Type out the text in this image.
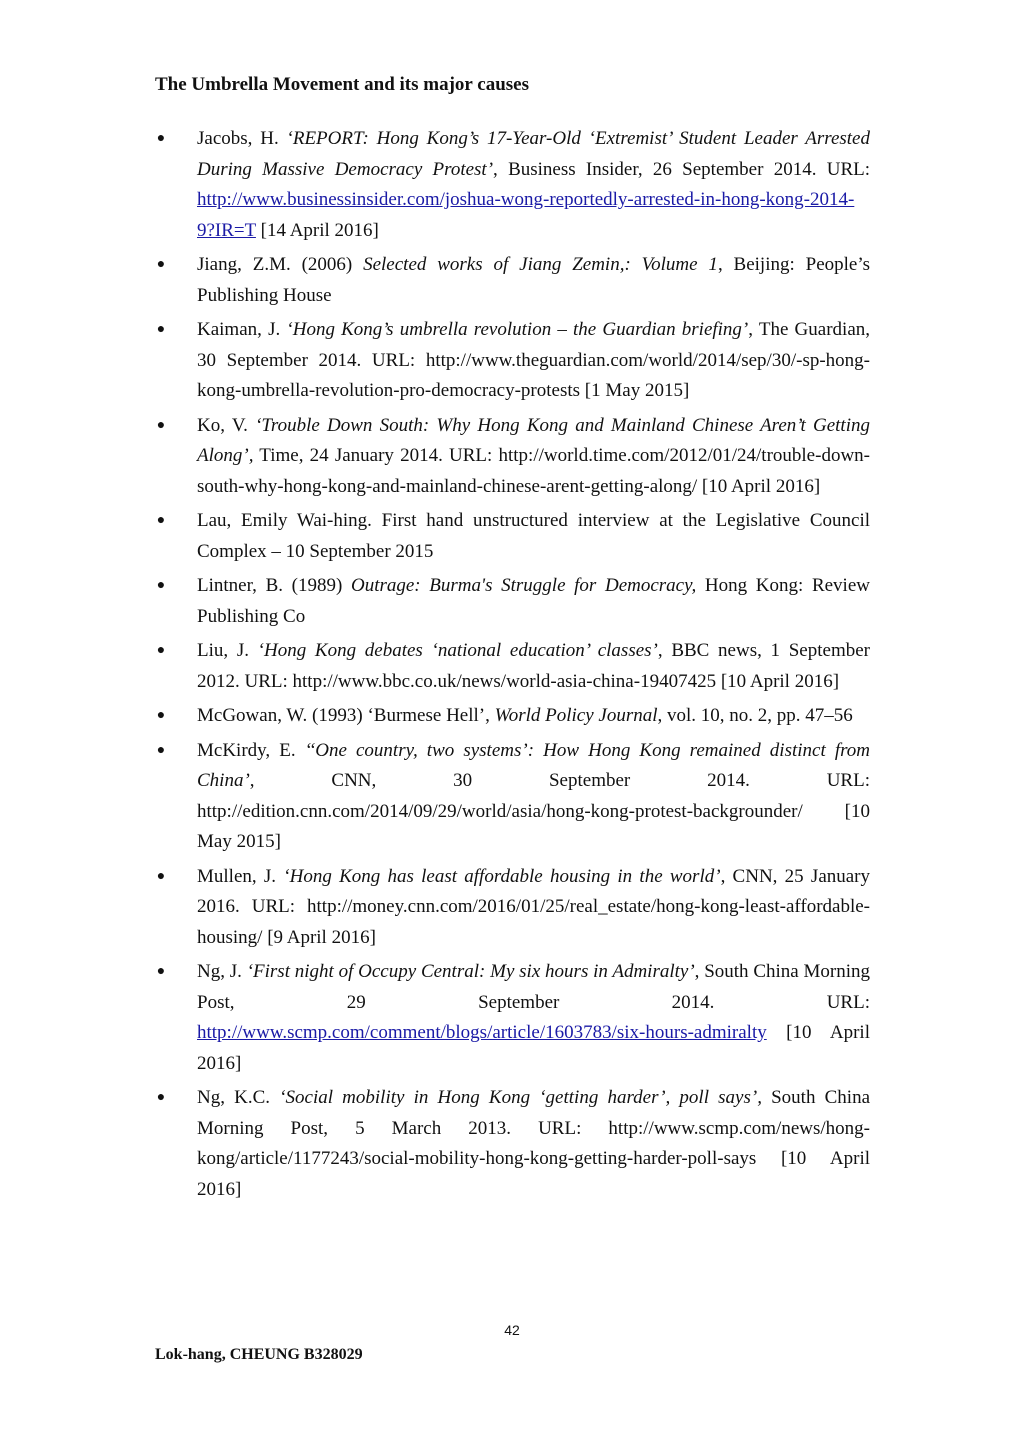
The Umbrella Movement and its major causes
● Jacobs, H. ‘REPORT: Hong Kong’s 17-Year-Old ‘Extremist’ Student Leader Arrested During Massive Democracy Protest’, Business Insider, 26 September 2014. URL: http://www.businessinsider.com/joshua-wong-reportedly-arrested-in-hong-kong-2014-9?IR=T [14 April 2016]
● Jiang, Z.M. (2006) Selected works of Jiang Zemin,: Volume 1, Beijing: People’s Publishing House
● Kaiman, J. ‘Hong Kong’s umbrella revolution – the Guardian briefing’, The Guardian, 30 September 2014. URL: http://www.theguardian.com/world/2014/sep/30/-sp-hong-kong-umbrella-revolution-pro-democracy-protests [1 May 2015]
● Ko, V. ‘Trouble Down South: Why Hong Kong and Mainland Chinese Aren’t Getting Along’, Time, 24 January 2014. URL: http://world.time.com/2012/01/24/trouble-down-south-why-hong-kong-and-mainland-chinese-arent-getting-along/ [10 April 2016]
● Lau, Emily Wai-hing. First hand unstructured interview at the Legislative Council Complex – 10 September 2015
● Lintner, B. (1989) Outrage: Burma's Struggle for Democracy, Hong Kong: Review Publishing Co
● Liu, J. ‘Hong Kong debates ‘national education’ classes’, BBC news, 1 September 2012. URL: http://www.bbc.co.uk/news/world-asia-china-19407425 [10 April 2016]
● McGowan, W. (1993) ‘Burmese Hell’, World Policy Journal, vol. 10, no. 2, pp. 47–56
● McKirdy, E. ‘‘One country, two systems’: How Hong Kong remained distinct from China’, CNN, 30 September 2014. URL: http://edition.cnn.com/2014/09/29/world/asia/hong-kong-protest-backgrounder/ [10 May 2015]
● Mullen, J. ‘Hong Kong has least affordable housing in the world’, CNN, 25 January 2016. URL: http://money.cnn.com/2016/01/25/real_estate/hong-kong-least-affordable-housing/ [9 April 2016]
● Ng, J. ‘First night of Occupy Central: My six hours in Admiralty’, South China Morning Post, 29 September 2014. URL: http://www.scmp.com/comment/blogs/article/1603783/six-hours-admiralty [10 April 2016]
● Ng, K.C. ‘Social mobility in Hong Kong ‘getting harder’, poll says’, South China Morning Post, 5 March 2013. URL: http://www.scmp.com/news/hong-kong/article/1177243/social-mobility-hong-kong-getting-harder-poll-says [10 April 2016]
42
Lok-hang, CHEUNG B328029
